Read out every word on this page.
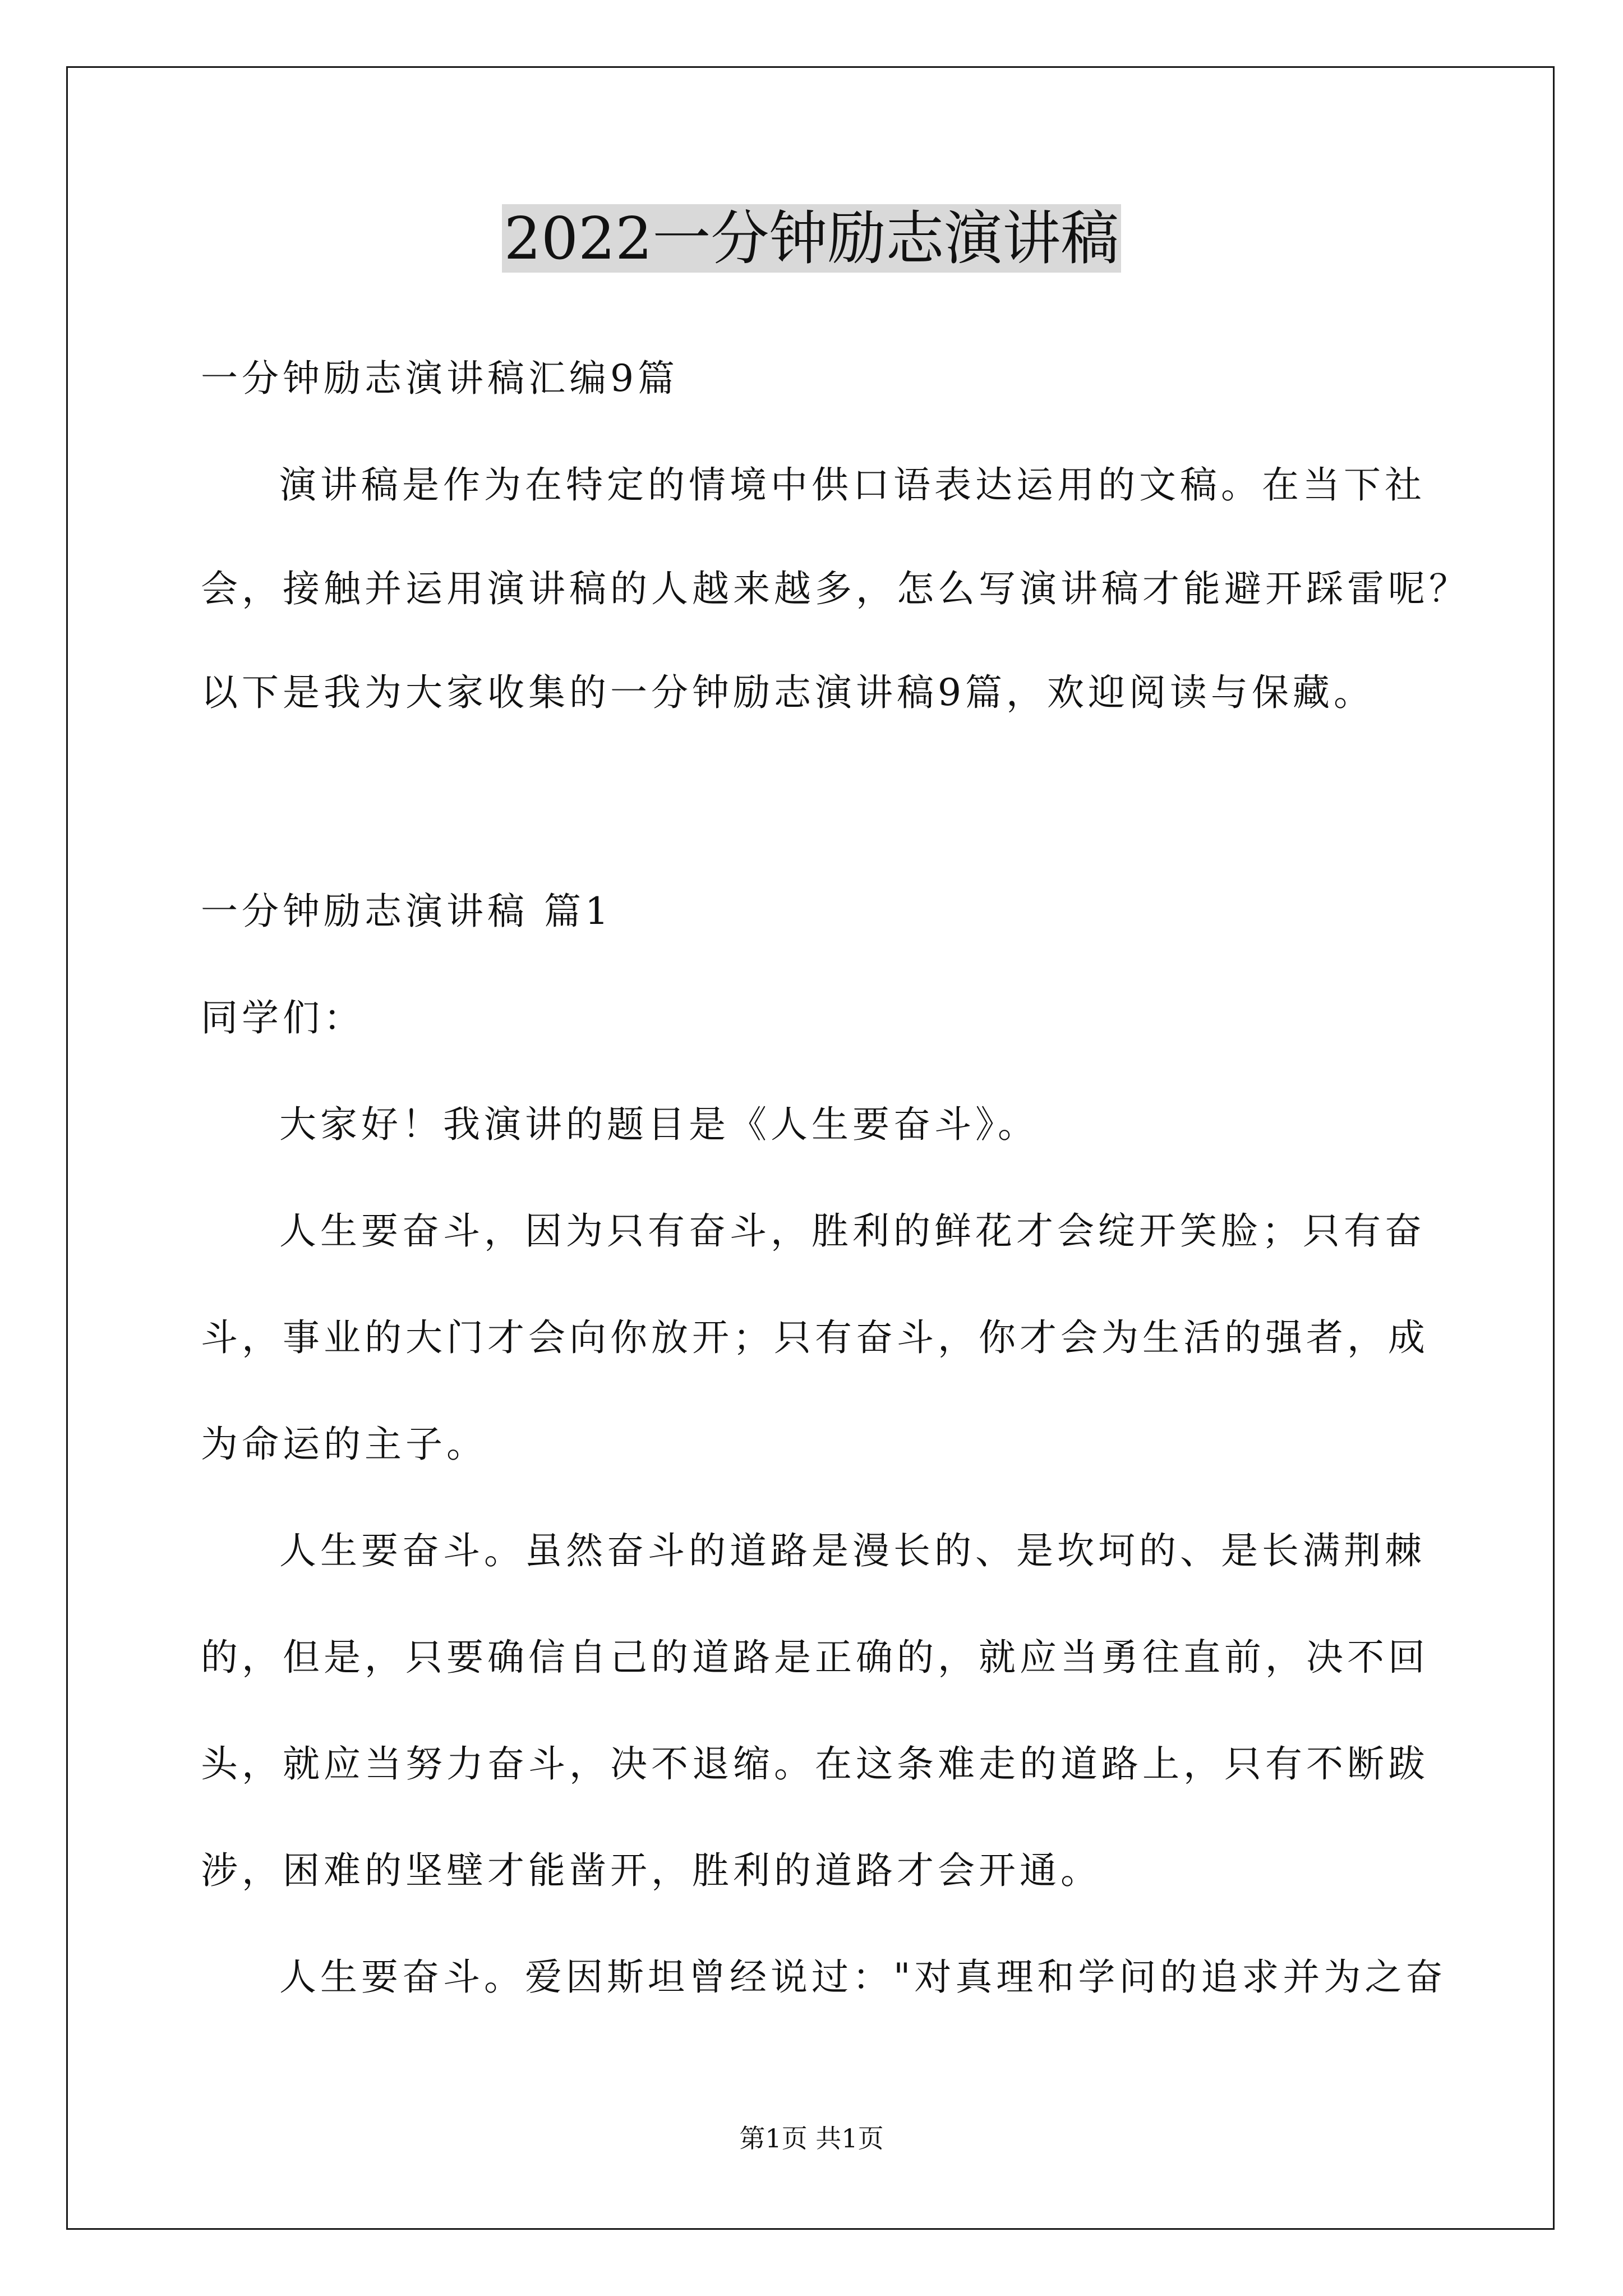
2022一分钟励志演讲稿
一分钟励志演讲稿汇编9篇
演讲稿是作为在特定的情境中供口语表达运用的文稿。在当下社
会，接触并运用演讲稿的人越来越多，怎么写演讲稿才能避开踩雷呢？
以下是我为大家收集的一分钟励志演讲稿9篇，欢迎阅读与保藏。
一分钟励志演讲稿 篇1
同学们：
大家好！我演讲的题目是《人生要奋斗》。
人生要奋斗，因为只有奋斗，胜利的鲜花才会绽开笑脸；只有奋
斗，事业的大门才会向你放开；只有奋斗，你才会为生活的强者，成
为命运的主子。
人生要奋斗。虽然奋斗的道路是漫长的、是坎坷的、是长满荆棘
的，但是，只要确信自己的道路是正确的，就应当勇往直前，决不回
头，就应当努力奋斗，决不退缩。在这条难走的道路上，只有不断跋
涉，困难的坚壁才能凿开，胜利的道路才会开通。
人生要奋斗。爱因斯坦曾经说过："对真理和学问的追求并为之奋
第1页 共1页
